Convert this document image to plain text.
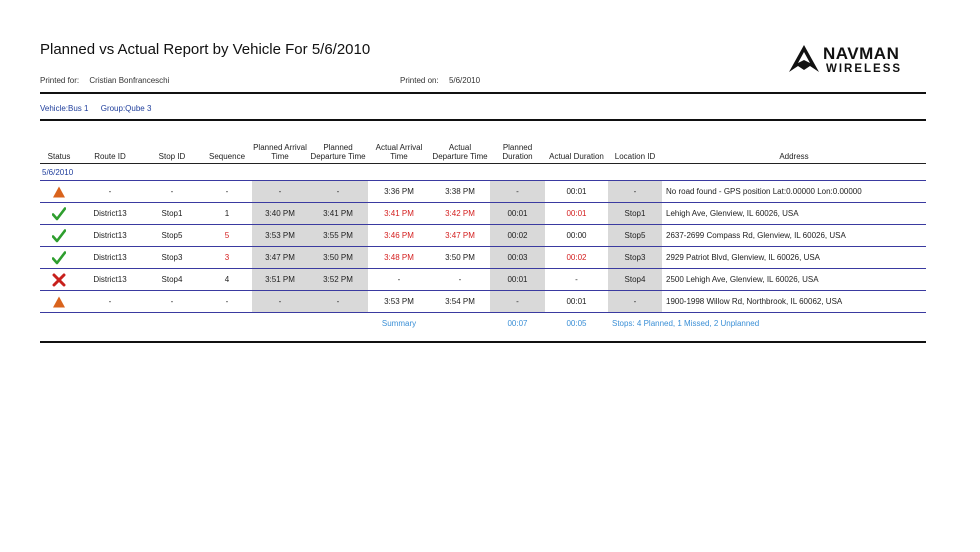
Planned vs Actual Report by Vehicle For 5/6/2010	NAVMAN
WIRELESS
Printed for: Cristian Bonfranceschi	Printed on: 5/6/2010
Vehicle:Bus 1 Group:Qube 3
Status	Route ID	Stop ID	Sequence	Planned Arrival Time	Planned Departure Time	Actual Arrival Time	Actual Departure Time	Planned Duration	Actual Duration	Location ID	Address
5/6/2010											
	-	-	-	-	-	3:36 PM	3:38 PM	-	00:01	-	No road found - GPS position Lat:0.00000 Lon:0.00000
	District13	Stop1	1	3:40 PM	3:41 PM	3:41 PM	3:42 PM	00:01	00:01	Stop1	Lehigh Ave, Glenview, IL 60026, USA
	District13	Stop5	5	3:53 PM	3:55 PM	3:46 PM	3:47 PM	00:02	00:00	Stop5	2637-2699 Compass Rd, Glenview, IL 60026, USA
	District13	Stop3	3	3:47 PM	3:50 PM	3:48 PM	3:50 PM	00:03	00:02	Stop3	2929 Patriot Blvd, Glenview, IL 60026, USA
	District13	Stop4	4	3:51 PM	3:52 PM	-	-	00:01	-	Stop4	2500 Lehigh Ave, Glenview, IL 60026, USA
	-	-	-	-	-	3:53 PM	3:54 PM	-	00:01	-	1900-1998 Willow Rd, Northbrook, IL 60062, USA
						Summary		00:07	00:05	Stops: 4 Planned, 1 Missed, 2 Unplanned	
